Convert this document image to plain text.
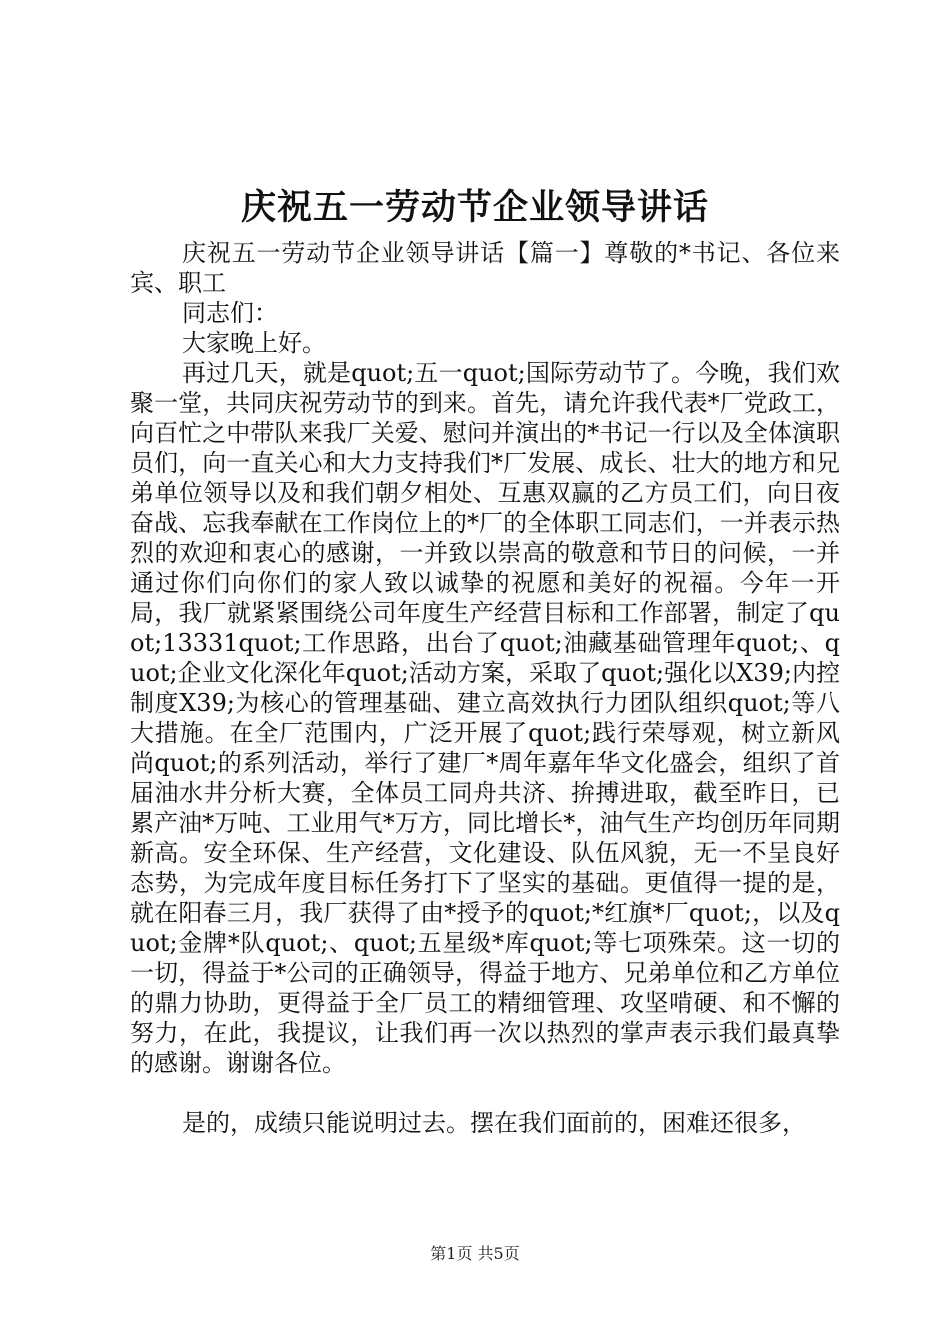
庆祝五一劳动节企业领导讲话

庆祝五一劳动节企业领导讲话【篇一】尊敬的*书记、各位来宾、职工

同志们：

大家晚上好。

再过几天，就是quot;五一quot;国际劳动节了。今晚，我们欢聚一堂，共同庆祝劳动节的到来。首先，请允许我代表*厂党政工，向百忙之中带队来我厂关爱、慰问并演出的*书记一行以及全体演职员们，向一直关心和大力支持我们*厂发展、成长、壮大的地方和兄弟单位领导以及和我们朝夕相处、互惠双赢的乙方员工们，向日夜奋战、忘我奉献在工作岗位上的*厂的全体职工同志们，一并表示热烈的欢迎和衷心的感谢，一并致以崇高的敬意和节日的问候，一并通过你们向你们的家人致以诚挚的祝愿和美好的祝福。今年一开局，我厂就紧紧围绕公司年度生产经营目标和工作部署，制定了quot;13331quot;工作思路，出台了quot;油藏基础管理年quot;、quot;企业文化深化年quot;活动方案，采取了quot;强化以X39;内控制度X39;为核心的管理基础、建立高效执行力团队组织quot;等八大措施。在全厂范围内，广泛开展了quot;践行荣辱观，树立新风尚quot;的系列活动，举行了建厂*周年嘉年华文化盛会，组织了首届油水井分析大赛，全体员工同舟共济、拚搏进取，截至昨日，已累产油*万吨、工业用气*万方，同比增长*，油气生产均创历年同期新高。安全环保、生产经营，文化建设、队伍风貌，无一不呈良好态势，为完成年度目标任务打下了坚实的基础。更值得一提的是，就在阳春三月，我厂获得了由*授予的quot;*红旗*厂quot;，以及quot;金牌*队quot;、quot;五星级*库quot;等七项殊荣。这一切的一切，得益于*公司的正确领导，得益于地方、兄弟单位和乙方单位的鼎力协助，更得益于全厂员工的精细管理、攻坚啃硬、和不懈的努力，在此，我提议，让我们再一次以热烈的掌声表示我们最真挚的感谢。谢谢各位。

是的，成绩只能说明过去。摆在我们面前的，困难还很多，

第1页 共5页
